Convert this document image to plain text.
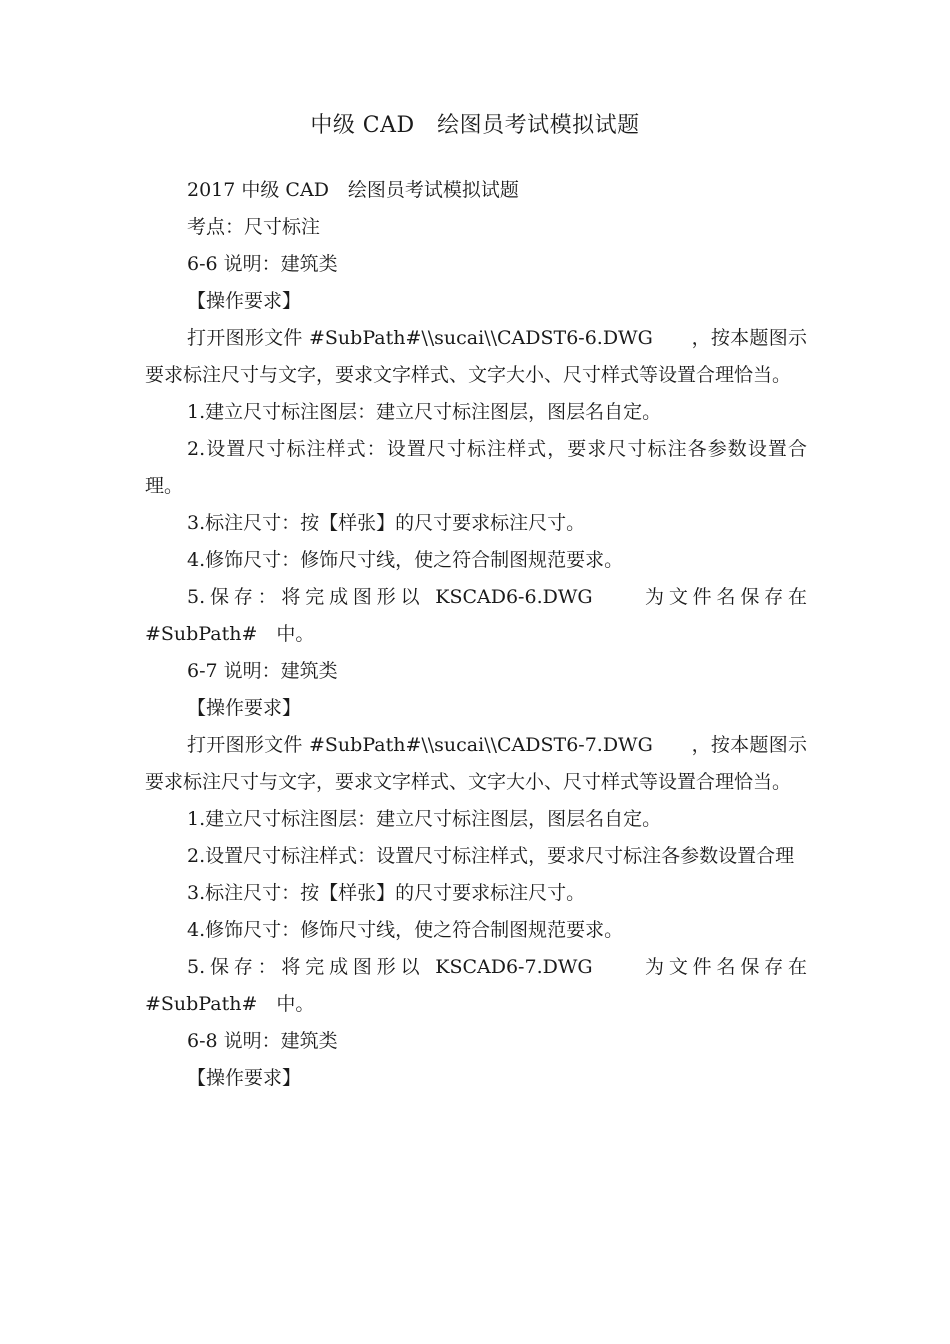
中级 CAD　绘图员考试模拟试题

2017 中级 CAD　绘图员考试模拟试题

考点：尺寸标注

6-6 说明：建筑类

【操作要求】

打开图形文件 #SubPath#\\sucai\\CADST6-6.DWG　　，按本题图示要求标注尺寸与文字，要求文字样式、文字大小、尺寸样式等设置合理恰当。

1.建立尺寸标注图层：建立尺寸标注图层，图层名自定。

2.设置尺寸标注样式：设置尺寸标注样式，要求尺寸标注各参数设置合理。

3.标注尺寸：按【样张】的尺寸要求标注尺寸。

4.修饰尺寸：修饰尺寸线，使之符合制图规范要求。

5.保存：将完成图形以 KSCAD6-6.DWG　　为文件名保存在

#SubPath#　中。

6-7 说明：建筑类

【操作要求】

打开图形文件 #SubPath#\\sucai\\CADST6-7.DWG　　，按本题图示要求标注尺寸与文字，要求文字样式、文字大小、尺寸样式等设置合理恰当。

1.建立尺寸标注图层：建立尺寸标注图层，图层名自定。

2.设置尺寸标注样式：设置尺寸标注样式，要求尺寸标注各参数设置合理

3.标注尺寸：按【样张】的尺寸要求标注尺寸。

4.修饰尺寸：修饰尺寸线，使之符合制图规范要求。

5.保存：将完成图形以 KSCAD6-7.DWG　　为文件名保存在

#SubPath#　中。

6-8 说明：建筑类

【操作要求】
